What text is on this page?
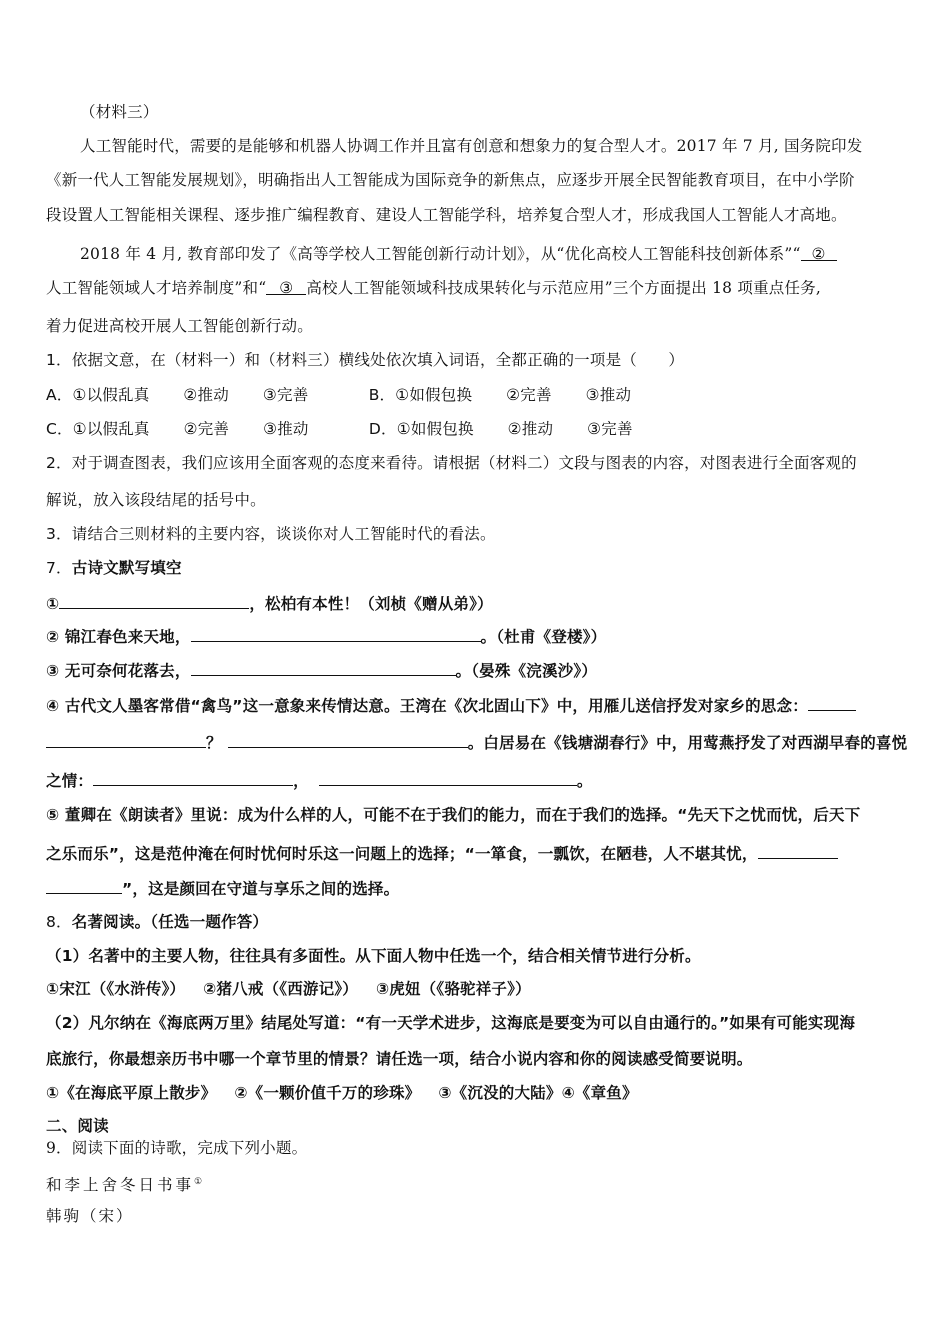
（材料三）
人工智能时代，需要的是能够和机器人协调工作并且富有创意和想象力的复合型人才。2017 年 7 月, 国务院印发
《新一代人工智能发展规划》，明确指出人工智能成为国际竞争的新焦点，应逐步开展全民智能教育项目，在中小学阶
段设置人工智能相关课程、逐步推广编程教育、建设人工智能学科，培养复合型人才，形成我国人工智能人才高地。
2018 年 4 月, 教育部印发了《高等学校人工智能创新行动计划》，从“优化高校人工智能科技创新体系”“ ②
人工智能领域人才培养制度”和“ ③ 高校人工智能领域科技成果转化与示范应用”三个方面提出 18 项重点任务,
着力促进高校开展人工智能创新行动。
1．依据文意，在（材料一）和（材料三）横线处依次填入词语，全都正确的一项是（　　）
A．①以假乱真 ②推动 ③完善	B．①如假包换 ②完善 ③推动
C．①以假乱真 ②完善 ③推动	D．①如假包换 ②推动 ③完善
2．对于调查图表，我们应该用全面客观的态度来看待。请根据（材料二）文段与图表的内容，对图表进行全面客观的
解说，放入该段结尾的括号中。
3．请结合三则材料的主要内容，谈谈你对人工智能时代的看法。
7．古诗文默写填空
①	，松柏有本性！（刘桢《赠从弟》）
② 锦江春色来天地，	。（杜甫《登楼》）
③ 无可奈何花落去，	。（晏殊《浣溪沙》）
④ 古代文人墨客常借“禽鸟”这一意象来传情达意。王湾在《次北固山下》中，用雁儿送信抒发对家乡的思念：
？	。白居易在《钱塘湖春行》中，用莺燕抒发了对西湖早春的喜悦
之情：	，	。
⑤ 董卿在《朗读者》里说：成为什么样的人，可能不在于我们的能力，而在于我们的选择。“先天下之忧而忧，后天下
之乐而乐”，这是范仲淹在何时忧何时乐这一问题上的选择；“一箪食，一瓢饮，在陋巷，人不堪其忧，
”，这是颜回在守道与享乐之间的选择。
8．名著阅读。（任选一题作答）
（1）名著中的主要人物，往往具有多面性。从下面人物中任选一个，结合相关情节进行分析。
①宋江（《水浒传》） ②猪八戒（《西游记》） ③虎妞（《骆驼祥子》）
（2）凡尔纳在《海底两万里》结尾处写道：“有一天学术进步，这海底是要变为可以自由通行的。”如果有可能实现海
底旅行，你最想亲历书中哪一个章节里的情景？请任选一项，结合小说内容和你的阅读感受简要说明。
①《在海底平原上散步》 ②《一颗价值千万的珍珠》 ③《沉没的大陆》④《章鱼》
二、阅读
9．阅读下面的诗歌，完成下列小题。
和李上舍冬日书事①
韩驹（宋）
